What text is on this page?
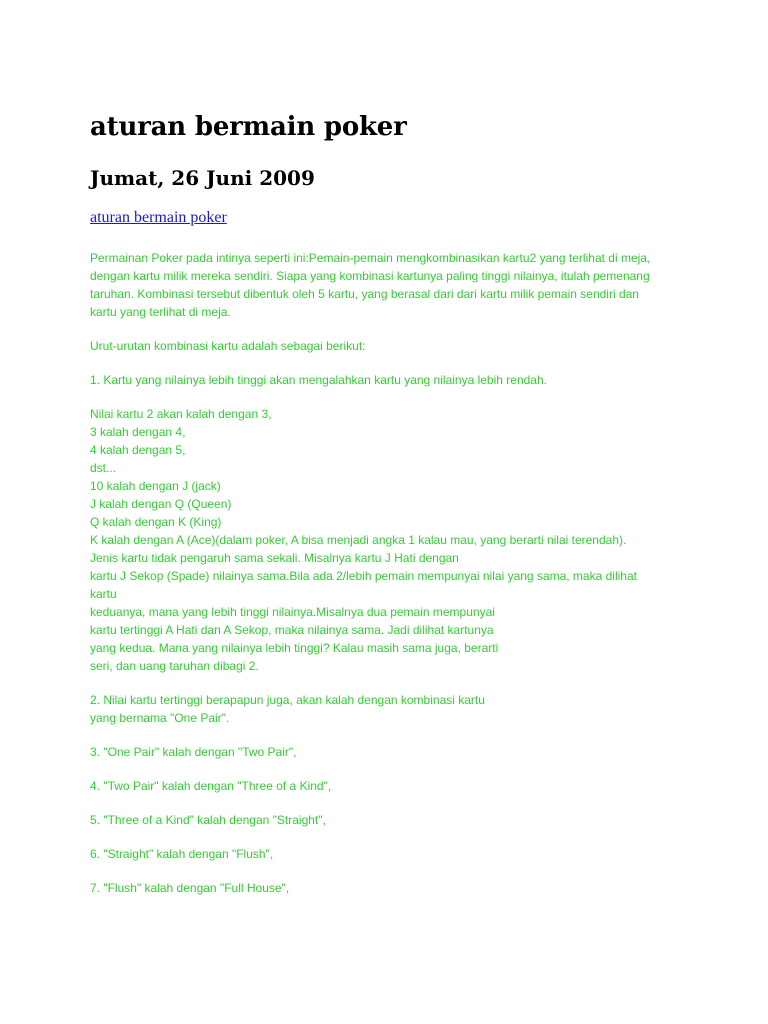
aturan bermain poker
Jumat, 26 Juni 2009
aturan bermain poker

Permainan Poker pada intinya seperti ini:Pemain-pemain mengkombinasikan kartu2 yang terlihat di meja,
dengan kartu milik mereka sendiri. Siapa yang kombinasi kartunya paling tinggi nilainya, itulah pemenang
taruhan. Kombinasi tersebut dibentuk oleh 5 kartu, yang berasal dari dari kartu milik pemain sendiri dan
kartu yang terlihat di meja.

Urut-urutan kombinasi kartu adalah sebagai berikut:

1. Kartu yang nilainya lebih tinggi akan mengalahkan kartu yang nilainya lebih rendah.

Nilai kartu 2 akan kalah dengan 3,
3 kalah dengan 4,
4 kalah dengan 5,
dst...
10 kalah dengan J (jack)
J kalah dengan Q (Queen)
Q kalah dengan K (King)
K kalah dengan A (Ace)(dalam poker, A bisa menjadi angka 1 kalau mau, yang berarti nilai terendah).
Jenis kartu tidak pengaruh sama sekali. Misalnya kartu J Hati dengan
kartu J Sekop (Spade) nilainya sama.Bila ada 2/lebih pemain mempunyai nilai yang sama, maka dilihat
kartu
keduanya, mana yang lebih tinggi nilainya.Misalnya dua pemain mempunyai
kartu tertinggi A Hati dan A Sekop, maka nilainya sama. Jadi dilihat kartunya
yang kedua. Mana yang nilainya lebih tinggi? Kalau masih sama juga, berarti
seri, dan uang taruhan dibagi 2.

2. Nilai kartu tertinggi berapapun juga, akan kalah dengan kombinasi kartu
yang bernama "One Pair".

3. "One Pair" kalah dengan "Two Pair",

4. "Two Pair" kalah dengan "Three of a Kind",

5. "Three of a Kind" kalah dengan "Straight",

6. "Straight" kalah dengan "Flush",

7. "Flush" kalah dengan "Full House",
